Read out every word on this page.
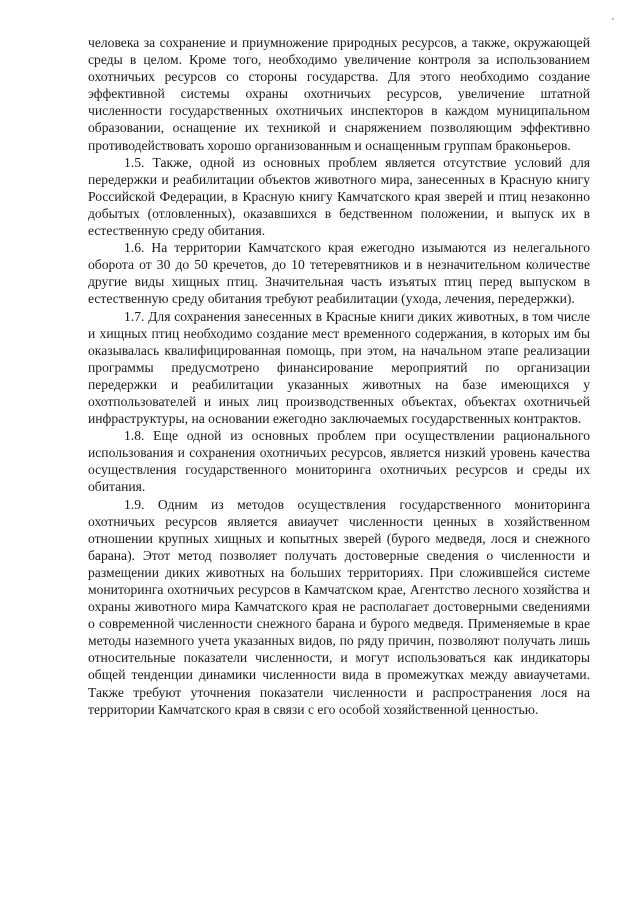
человека за сохранение и приумножение природных ресурсов, а также, окружающей среды в целом. Кроме того, необходимо увеличение контроля за использованием охотничьих ресурсов со стороны государства. Для этого необходимо создание эффективной системы охраны охотничьих ресурсов, увеличение штатной численности государственных охотничьих инспекторов в каждом муниципальном образовании, оснащение их техникой и снаряжением позволяющим эффективно противодействовать хорошо организованным и оснащенным группам браконьеров.

1.5. Также, одной из основных проблем является отсутствие условий для передержки и реабилитации объектов животного мира, занесенных в Красную книгу Российской Федерации, в Красную книгу Камчатского края зверей и птиц незаконно добытых (отловленных), оказавшихся в бедственном положении, и выпуск их в естественную среду обитания.

1.6. На территории Камчатского края ежегодно изымаются из нелегального оборота от 30 до 50 кречетов, до 10 тетеревятников и в незначительном количестве другие виды хищных птиц. Значительная часть изъятых птиц перед выпуском в естественную среду обитания требуют реабилитации (ухода, лечения, передержки).

1.7. Для сохранения занесенных в Красные книги диких животных, в том числе и хищных птиц необходимо создание мест временного содержания, в которых им бы оказывалась квалифицированная помощь, при этом, на начальном этапе реализации программы предусмотрено финансирование мероприятий по организации передержки и реабилитации указанных животных на базе имеющихся у охотпользователей и иных лиц производственных объектах, объектах охотничьей инфраструктуры, на основании ежегодно заключаемых государственных контрактов.

1.8. Еще одной из основных проблем при осуществлении рационального использования и сохранения охотничьих ресурсов, является низкий уровень качества осуществления государственного мониторинга охотничьих ресурсов и среды их обитания.

1.9. Одним из методов осуществления государственного мониторинга охотничьих ресурсов является авиаучет численности ценных в хозяйственном отношении крупных хищных и копытных зверей (бурого медведя, лося и снежного барана). Этот метод позволяет получать достоверные сведения о численности и размещении диких животных на больших территориях. При сложившейся системе мониторинга охотничьих ресурсов в Камчатском крае, Агентство лесного хозяйства и охраны животного мира Камчатского края не располагает достоверными сведениями о современной численности снежного барана и бурого медведя. Применяемые в крае методы наземного учета указанных видов, по ряду причин, позволяют получать лишь относительные показатели численности, и могут использоваться как индикаторы общей тенденции динамики численности вида в промежутках между авиаучетами. Также требуют уточнения показатели численности и распространения лося на территории Камчатского края в связи с его особой хозяйственной ценностью.
